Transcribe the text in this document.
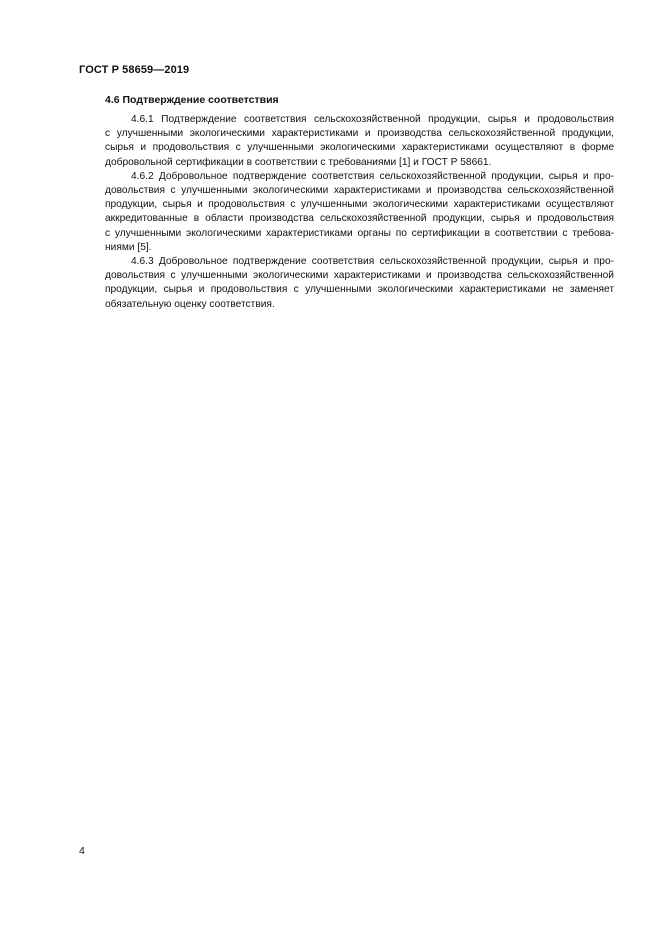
ГОСТ Р 58659—2019
4.6 Подтверждение соответствия
4.6.1 Подтверждение соответствия сельскохозяйственной продукции, сырья и продовольствия
с улучшенными экологическими характеристиками и производства сельскохозяйственной продукции,
сырья и продовольствия с улучшенными экологическими характеристиками осуществляют в форме
добровольной сертификации в соответствии с требованиями [1] и ГОСТ Р 58661.
4.6.2 Добровольное подтверждение соответствия сельскохозяйственной продукции, сырья и про-
довольствия с улучшенными экологическими характеристиками и производства сельскохозяйственной
продукции, сырья и продовольствия с улучшенными экологическими характеристиками осуществляют
аккредитованные в области производства сельскохозяйственной продукции, сырья и продовольствия
с улучшенными экологическими характеристиками органы по сертификации в соответствии с требова-
ниями [5].
4.6.3 Добровольное подтверждение соответствия сельскохозяйственной продукции, сырья и про-
довольствия с улучшенными экологическими характеристиками и производства сельскохозяйственной
продукции, сырья и продовольствия с улучшенными экологическими характеристиками не заменяет
обязательную оценку соответствия.
4
